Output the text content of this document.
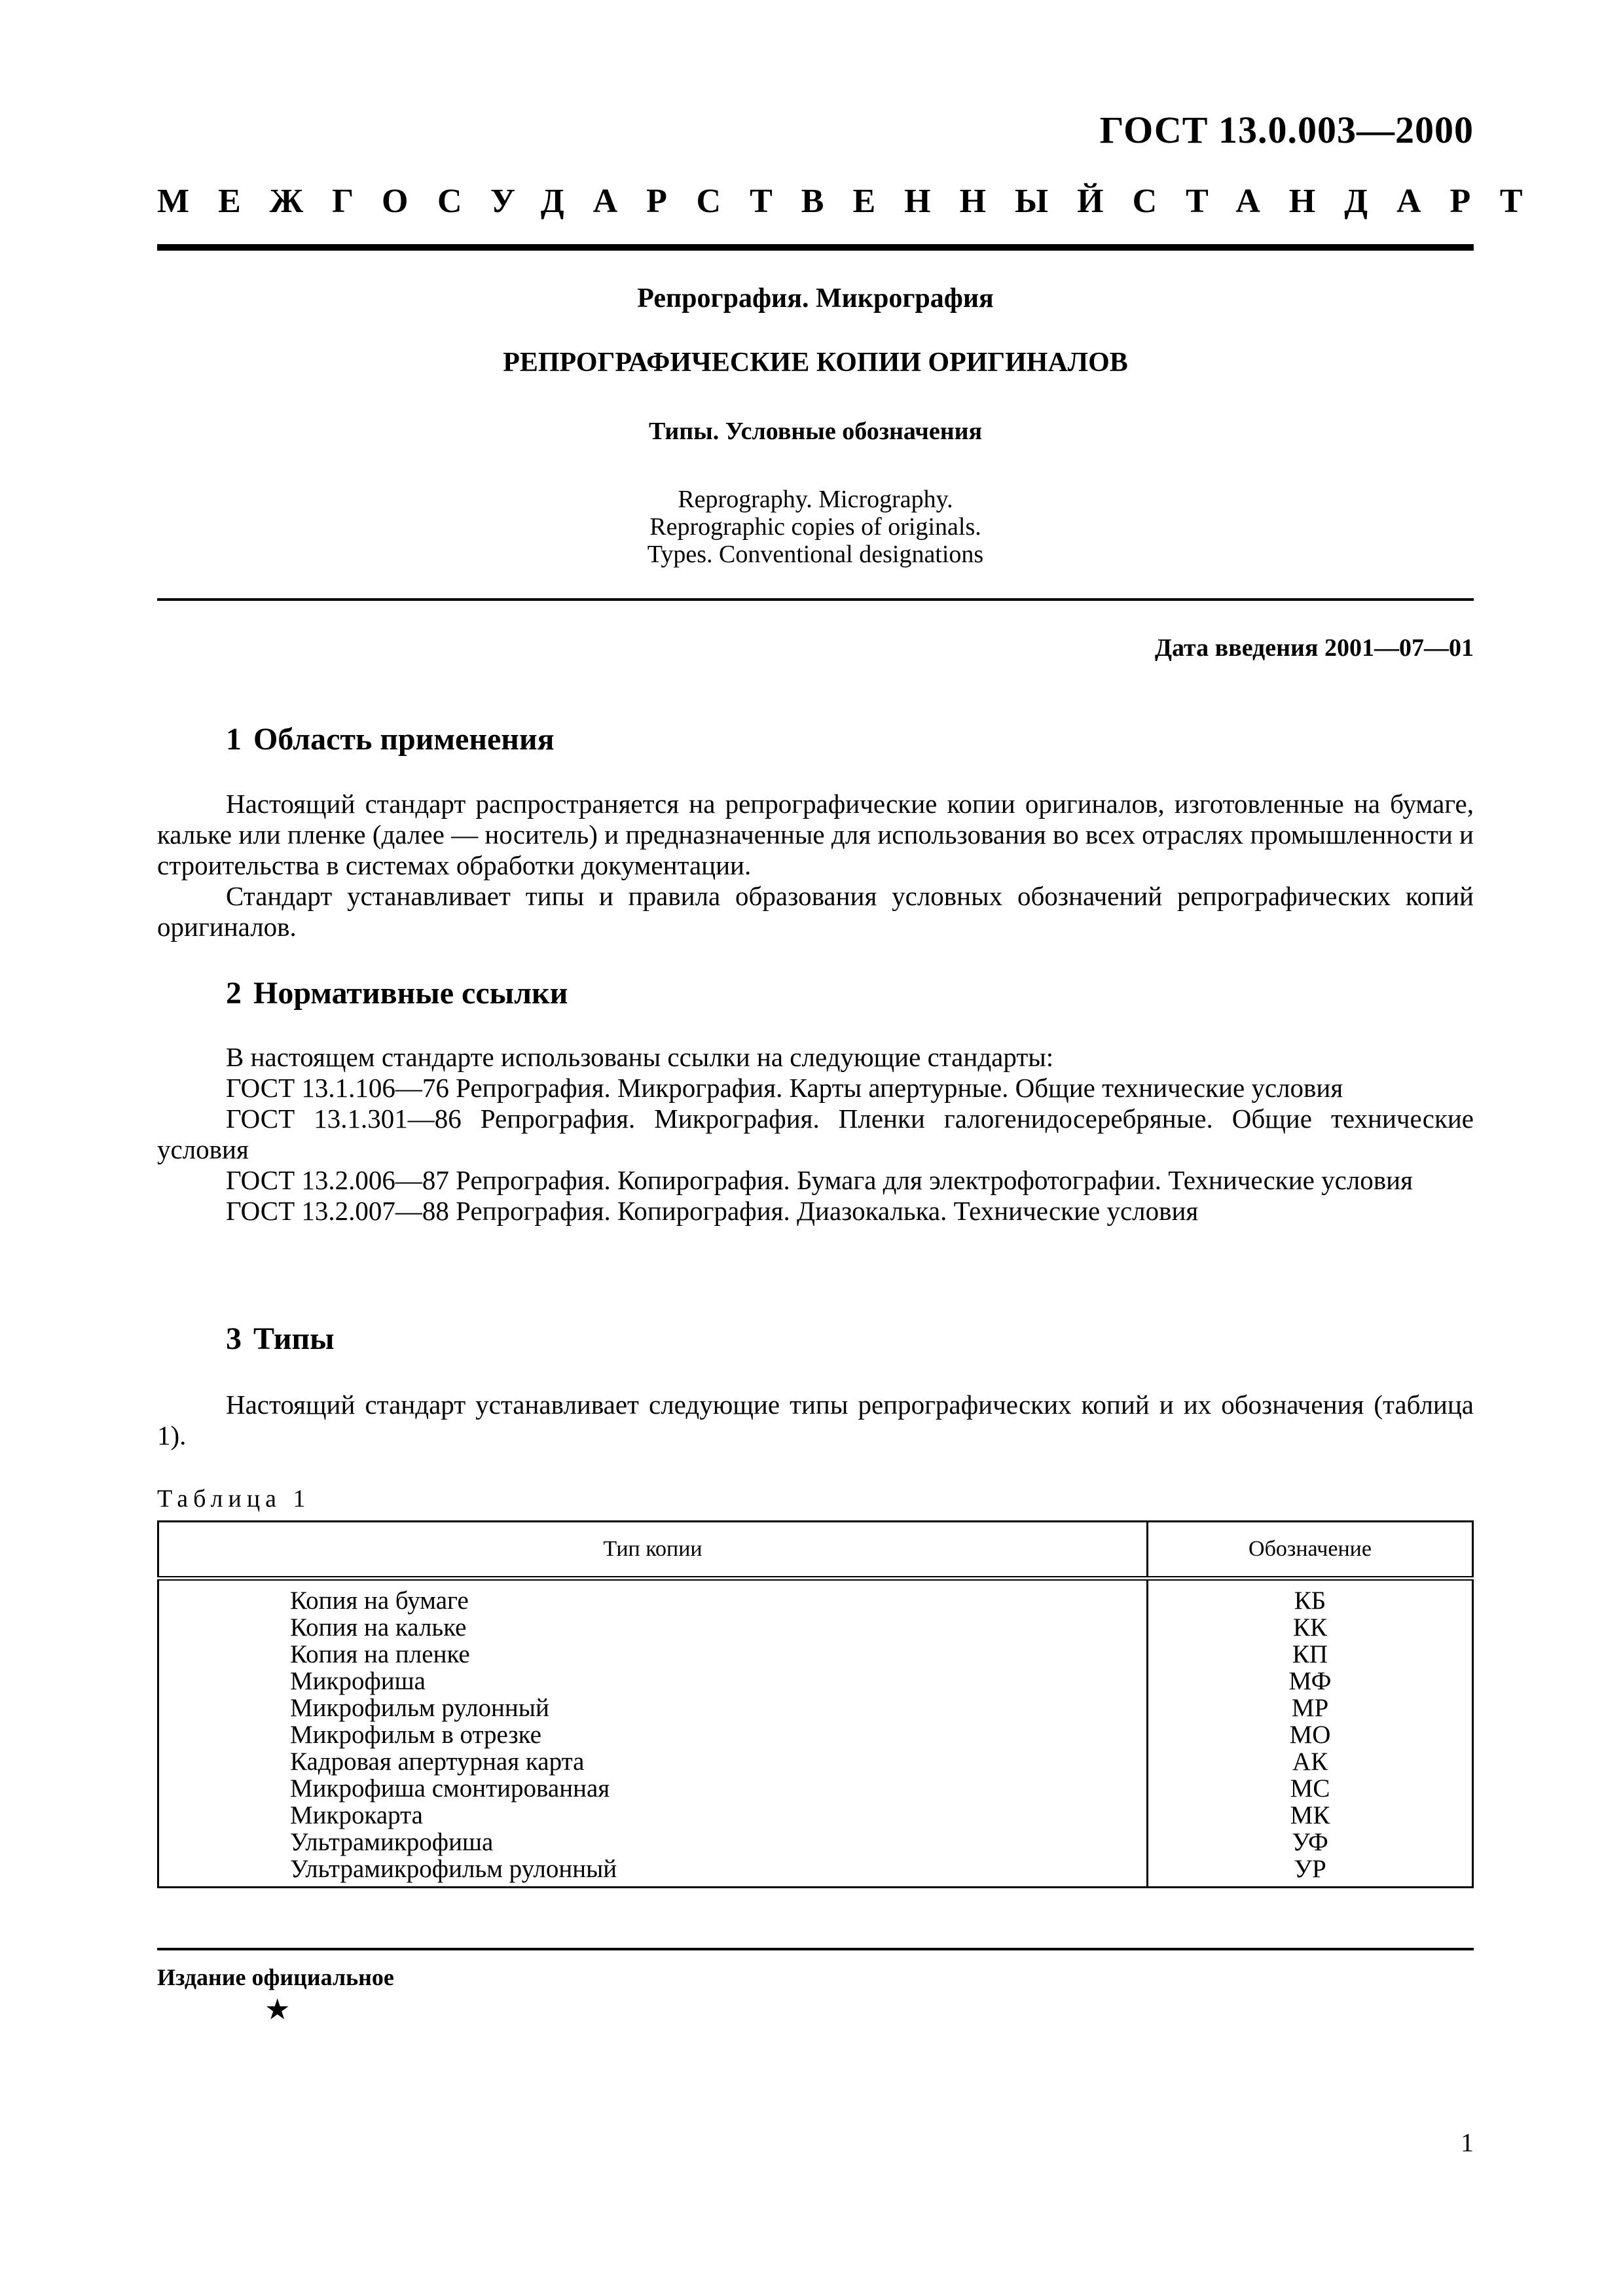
ГОСТ 13.0.003—2000
МЕЖГОСУДАРСТВЕННЫЙ СТАНДАРТ
Репрография. Микрография
РЕПРОГРАФИЧЕСКИЕ КОПИИ ОРИГИНАЛОВ
Типы. Условные обозначения
Reprography. Micrography.
Reprographic copies of originals.
Types. Conventional designations
Дата введения 2001—07—01
1 Область применения

Настоящий стандарт распространяется на репрографические копии оригиналов, изготовленные на бумаге, кальке или пленке (далее — носитель) и предназначенные для использования во всех отраслях промышленности и строительства в системах обработки документации.

Стандарт устанавливает типы и правила образования условных обозначений репрографических копий оригиналов.

2 Нормативные ссылки

В настоящем стандарте использованы ссылки на следующие стандарты:

ГОСТ 13.1.106—76 Репрография. Микрография. Карты апертурные. Общие технические условия

ГОСТ 13.1.301—86 Репрография. Микрография. Пленки галогенидосеребряные. Общие технические условия

ГОСТ 13.2.006—87 Репрография. Копирография. Бумага для электрофотографии. Технические условия

ГОСТ 13.2.007—88 Репрография. Копирография. Диазокалька. Технические условия

3 Типы

Настоящий стандарт устанавливает следующие типы репрографических копий и их обозначения (таблица 1).

Таблица 1
Тип копии	Обозначение
Копия на бумаге	КБ
Копия на кальке	КК
Копия на пленке	КП
Микрофиша	МФ
Микрофильм рулонный	МР
Микрофильм в отрезке	МО
Кадровая апертурная карта	АК
Микрофиша смонтированная	МС
Микрокарта	МК
Ультрамикрофиша	УФ
Ультрамикрофильм рулонный	УР
Издание официальное
★
1
